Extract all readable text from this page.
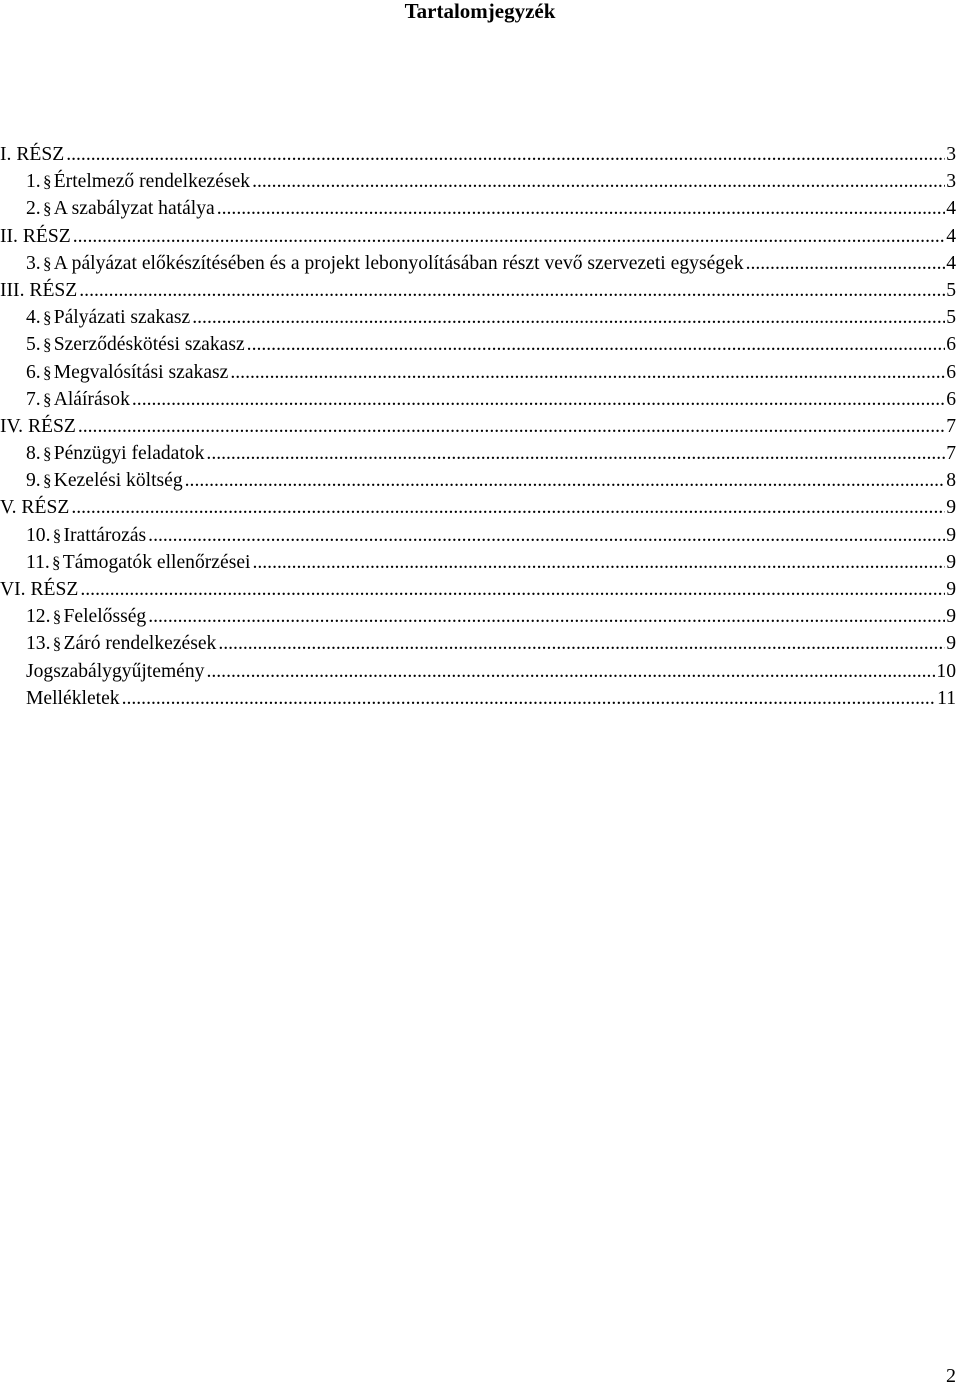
Tartalomjegyzék
I. RÉSZ .....	3
1. § Értelmező rendelkezések .....	3
2. § A szabályzat hatálya .....	4
II. RÉSZ .....	4
3. § A pályázat előkészítésében és a projekt lebonyolításában részt vevő szervezeti egységek .....	4
III. RÉSZ .....	5
4. § Pályázati szakasz .....	5
5. § Szerződéskötési szakasz .....	6
6. § Megvalósítási szakasz .....	6
7. § Aláírások .....	6
IV. RÉSZ .....	7
8. § Pénzügyi feladatok .....	7
9. § Kezelési költség .....	8
V. RÉSZ .....	9
10. § Irattározás .....	9
11. § Támogatók ellenőrzései .....	9
VI. RÉSZ .....	9
12. § Felelősség .....	9
13. § Záró rendelkezések .....	9
Jogszabálygyűjtemény .....	10
Mellékletek .....	11
2
